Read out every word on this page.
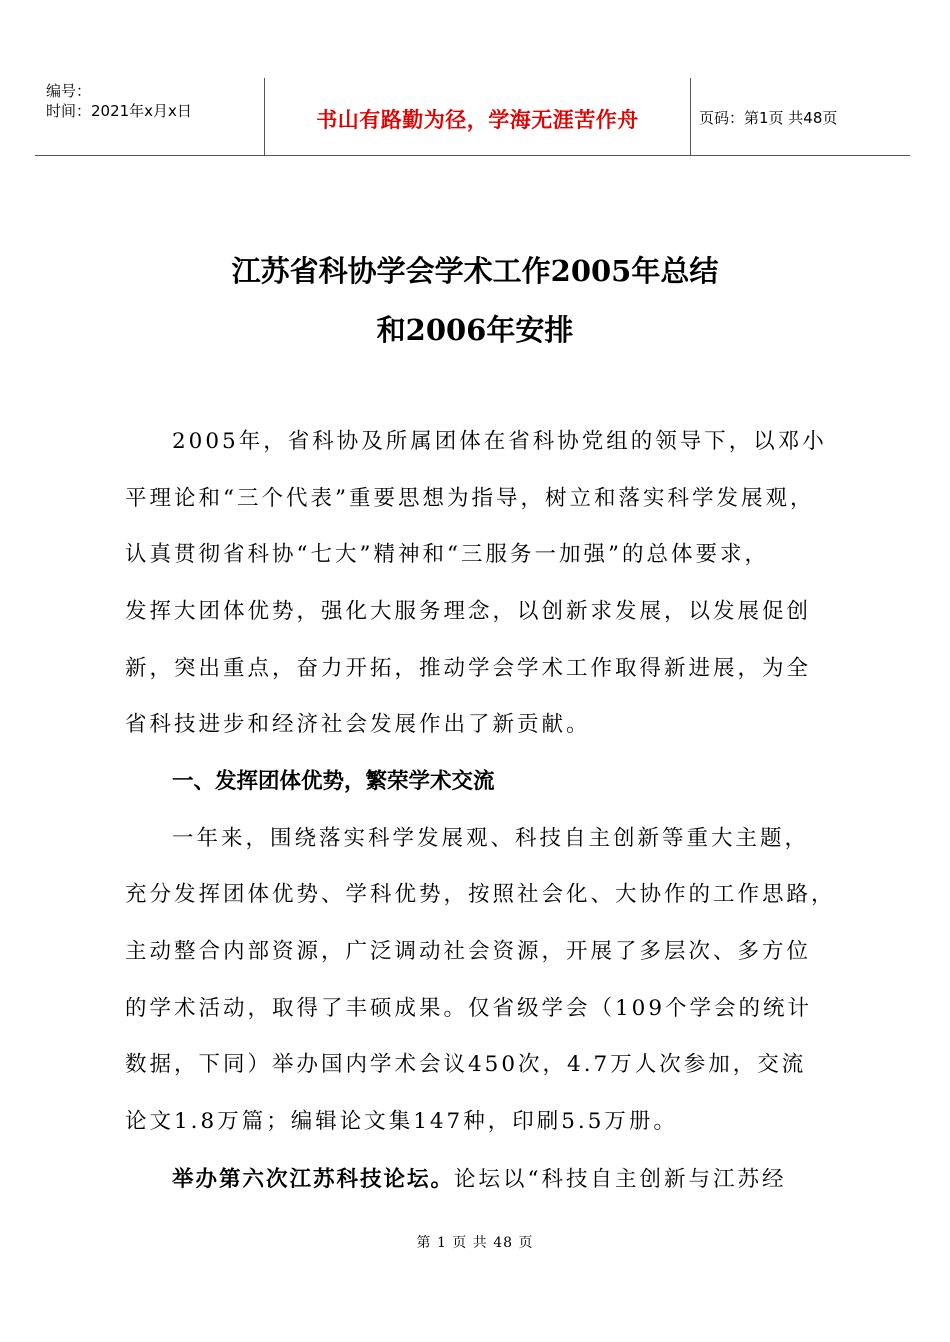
编号：
时间：2021年x月x日	书山有路勤为径，学海无涯苦作舟	页码：第1页 共48页
江苏省科协学会学术工作2005年总结
和2006年安排
2005年，省科协及所属团体在省科协党组的领导下，以邓小
平理论和“三个代表”重要思想为指导，树立和落实科学发展观，
认真贯彻省科协“七大”精神和“三服务一加强”的总体要求，
发挥大团体优势，强化大服务理念，以创新求发展，以发展促创
新，突出重点，奋力开拓，推动学会学术工作取得新进展，为全
省科技进步和经济社会发展作出了新贡献。
一、发挥团体优势，繁荣学术交流
一年来，围绕落实科学发展观、科技自主创新等重大主题，
充分发挥团体优势、学科优势，按照社会化、大协作的工作思路，
主动整合内部资源，广泛调动社会资源，开展了多层次、多方位
的学术活动，取得了丰硕成果。仅省级学会（109个学会的统计
数据，下同）举办国内学术会议450次，4.7万人次参加，交流
论文1.8万篇；编辑论文集147种，印刷5.5万册。
举办第六次江苏科技论坛。论坛以“科技自主创新与江苏经
第 1 页 共 48 页
